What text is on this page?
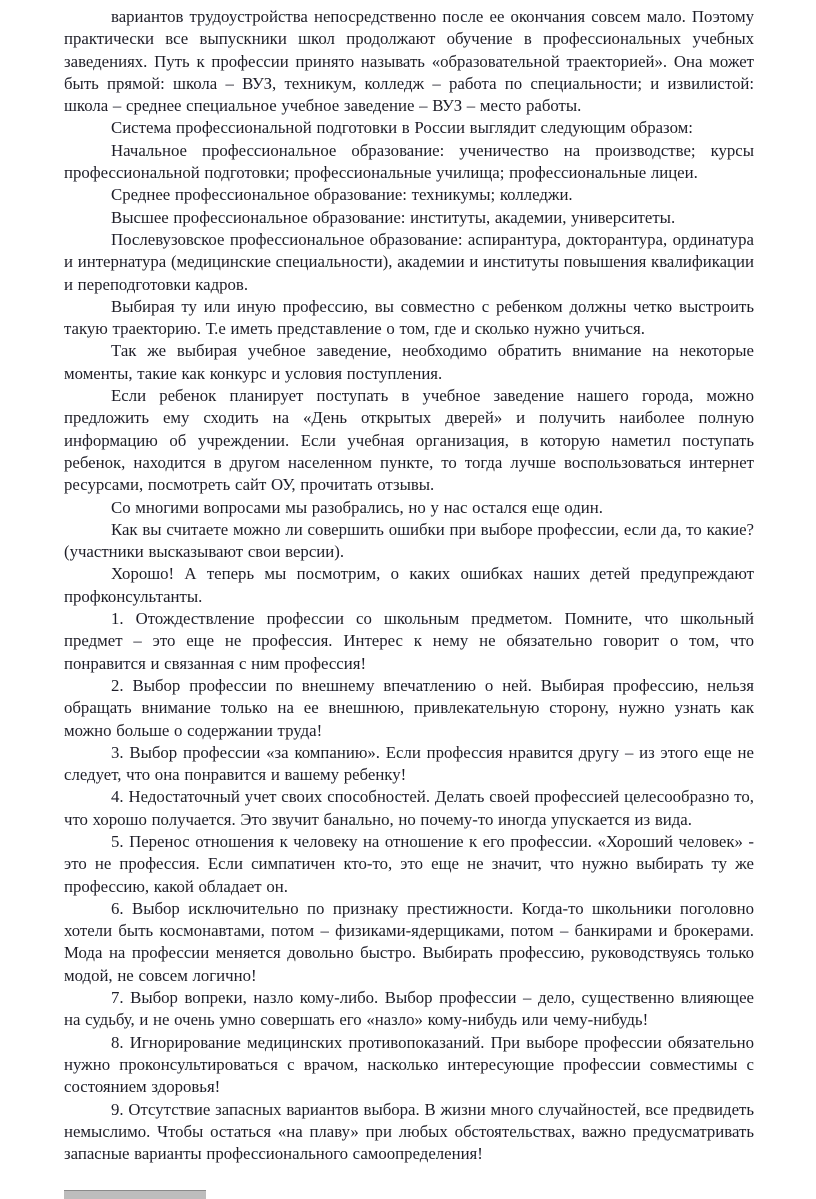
вариантов трудоустройства непосредственно после ее окончания совсем мало. Поэтому практически все выпускники школ продолжают обучение в профессиональных учебных заведениях. Путь к профессии принято называть «образовательной траекторией». Она может быть прямой: школа – ВУЗ, техникум, колледж – работа по специальности; и извилистой: школа – среднее специальное учебное заведение – ВУЗ – место работы.

Система профессиональной подготовки в России выглядит следующим образом:

Начальное профессиональное образование: ученичество на производстве; курсы профессиональной подготовки; профессиональные училища; профессиональные лицеи.

Среднее профессиональное образование: техникумы; колледжи.

Высшее профессиональное образование: институты, академии, университеты.

Послевузовское профессиональное образование: аспирантура, докторантура, ординатура и интернатура (медицинские специальности), академии и институты повышения квалификации и переподготовки кадров.

Выбирая ту или иную профессию, вы совместно с ребенком должны четко выстроить такую траекторию. Т.е иметь представление о том, где и сколько нужно учиться.

Так же выбирая учебное заведение, необходимо обратить внимание на некоторые моменты, такие как конкурс и условия поступления.

Если ребенок планирует поступать в учебное заведение нашего города, можно предложить ему сходить на «День открытых дверей» и получить наиболее полную информацию об учреждении. Если учебная организация, в которую наметил поступать ребенок, находится в другом населенном пункте, то тогда лучше воспользоваться интернет ресурсами, посмотреть сайт ОУ, прочитать отзывы.

Со многими вопросами мы разобрались, но у нас остался еще один.

Как вы считаете можно ли совершить ошибки при выборе профессии, если да, то какие? (участники высказывают свои версии).

Хорошо! А теперь мы посмотрим, о каких ошибках наших детей предупреждают профконсультанты.

1. Отождествление профессии со школьным предметом. Помните, что школьный предмет – это еще не профессия. Интерес к нему не обязательно говорит о том, что понравится и связанная с ним профессия!

2. Выбор профессии по внешнему впечатлению о ней. Выбирая профессию, нельзя обращать внимание только на ее внешнюю, привлекательную сторону, нужно узнать как можно больше о содержании труда!

3. Выбор профессии «за компанию». Если профессия нравится другу – из этого еще не следует, что она понравится и вашему ребенку!

4. Недостаточный учет своих способностей. Делать своей профессией целесообразно то, что хорошо получается. Это звучит банально, но почему-то иногда упускается из вида.

5. Перенос отношения к человеку на отношение к его профессии. «Хороший человек» - это не профессия. Если симпатичен кто-то, это еще не значит, что нужно выбирать ту же профессию, какой обладает он.

6. Выбор исключительно по признаку престижности. Когда-то школьники поголовно хотели быть космонавтами, потом – физиками-ядерщиками, потом – банкирами и брокерами. Мода на профессии меняется довольно быстро. Выбирать профессию, руководствуясь только модой, не совсем логично!

7. Выбор вопреки, назло кому-либо. Выбор профессии – дело, существенно влияющее на судьбу, и не очень умно совершать его «назло» кому-нибудь или чему-нибудь!

8. Игнорирование медицинских противопоказаний. При выборе профессии обязательно нужно проконсультироваться с врачом, насколько интересующие профессии совместимы с состоянием здоровья!

9. Отсутствие запасных вариантов выбора. В жизни много случайностей, все предвидеть немыслимо. Чтобы остаться «на плаву» при любых обстоятельствах, важно предусматривать запасные варианты профессионального самоопределения!
